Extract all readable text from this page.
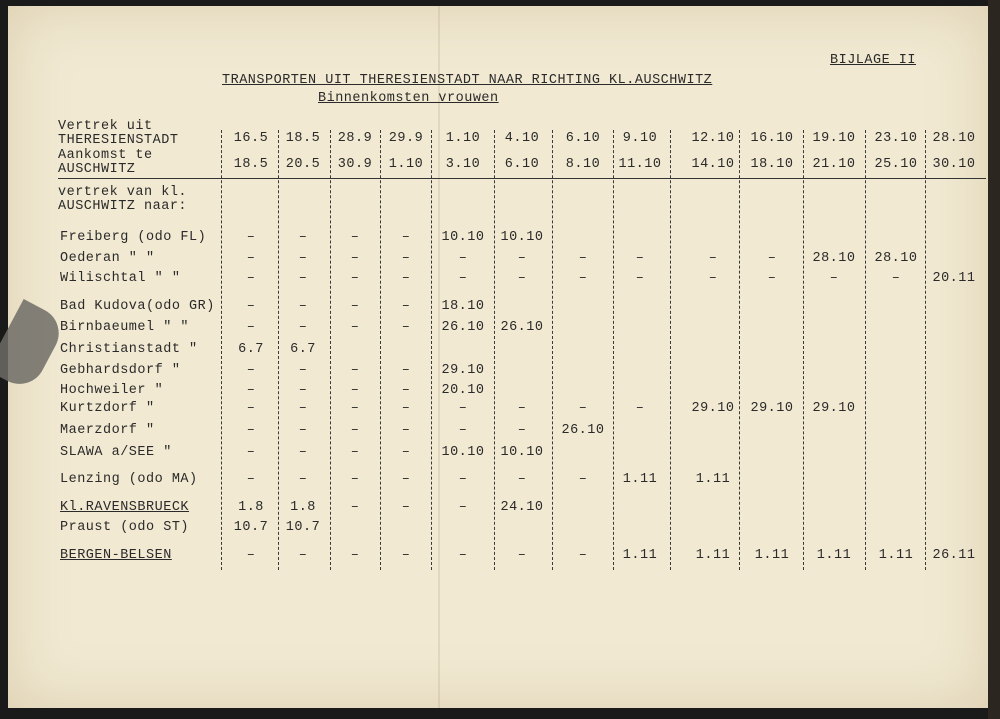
BIJLAGE II
TRANSPORTEN UIT THERESIENSTADT NAAR RICHTING KL.AUSCHWITZ
Binnenkomsten vrouwen
Vertrek uit
THERESIENSTADT
Aankomst te
AUSCHWITZ
vertrek van kl.
AUSCHWITZ naar:
16.5	18.5	28.9	29.9	1.10	4.10	6.10	9.10	12.10	16.10	19.10	23.10	28.10
18.5	20.5	30.9	1.10	3.10	6.10	8.10	11.10	14.10	18.10	21.10	25.10	30.10
Freiberg (odo FL)	–	–	–	–	10.10	10.10
Oederan " "	–	–	–	–	–	–	–	–	–	–	28.10	28.10
Wilischtal " "	–	–	–	–	–	–	–	–	–	–	–	–	20.11
Bad Kudova(odo GR)	–	–	–	–	18.10
Birnbaeumel " "	–	–	–	–	26.10	26.10
Christianstadt "	6.7	6.7
Gebhardsdorf "	–	–	–	–	29.10
Hochweiler "	–	–	–	–	20.10
Kurtzdorf "	–	–	–	–	–	–	–	–	29.10	29.10	29.10
Maerzdorf "	–	–	–	–	–	–	26.10
SLAWA a/SEE "	–	–	–	–	10.10	10.10
Lenzing (odo MA)	–	–	–	–	–	–	–	1.11	1.11
Kl.RAVENSBRUECK	1.8	1.8	–	–	–	24.10
Praust (odo ST)	10.7	10.7
BERGEN-BELSEN	–	–	–	–	–	–	–	1.11	1.11	1.11	1.11	1.11	26.11
